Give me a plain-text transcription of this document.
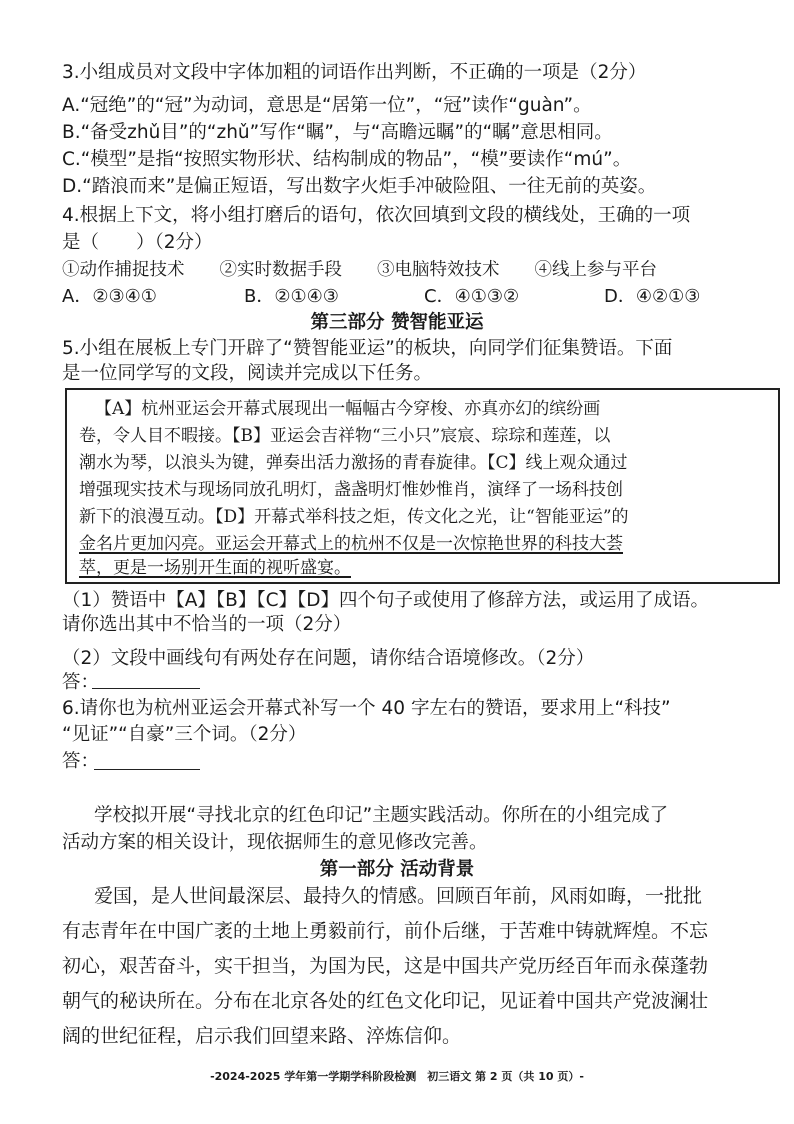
3.小组成员对文段中字体加粗的词语作出判断，不正确的一项是（2分）
A.“冠绝”的“冠”为动词，意思是“居第一位”，“冠”读作“guàn”。
B.“备受zhǔ目”的“zhǔ”写作“瞩”，与“高瞻远瞩”的“瞩”意思相同。
C.“模型”是指“按照实物形状、结构制成的物品”，“模”要读作“mú”。
D.“踏浪而来”是偏正短语，写出数字火炬手冲破险阻、一往无前的英姿。
4.根据上下文，将小组打磨后的语句，依次回填到文段的横线处，王确的一项
是（　　）（2分）
①动作捕捉技术　　②实时数据手段　　③电脑特效技术　　④线上参与平台
A．②③④①	B．②①④③	C．④①③②	D．④②①③
第三部分 赞智能亚运
5.小组在展板上专门开辟了“赞智能亚运”的板块，向同学们征集赞语。下面
是一位同学写的文段，阅读并完成以下任务。
【A】杭州亚运会开幕式展现出一幅幅古今穿梭、亦真亦幻的缤纷画
卷，令人目不暇接。【B】亚运会吉祥物“三小只”宸宸、琮琮和莲莲，以
潮水为琴，以浪头为键，弹奏出活力激扬的青春旋律。【C】线上观众通过
增强现实技术与现场同放孔明灯，盏盏明灯惟妙惟肖，演绎了一场科技创
新下的浪漫互动。【D】开幕式举科技之炬，传文化之光，让“智能亚运”的
金名片更加闪亮。亚运会开幕式上的杭州不仅是一次惊艳世界的科技大荟
萃，更是一场别开生面的视听盛宴。
（1）赞语中【A】【B】【C】【D】四个句子或使用了修辞方法，或运用了成语。
请你选出其中不恰当的一项（2分）
（2）文段中画线句有两处存在问题，请你结合语境修改。（2分）
答：
6.请你也为杭州亚运会开幕式补写一个 40 字左右的赞语，要求用上“科技”
“见证”“自豪”三个词。（2分）
答：
学校拟开展“寻找北京的红色印记”主题实践活动。你所在的小组完成了
活动方案的相关设计，现依据师生的意见修改完善。
第一部分 活动背景
爱国，是人世间最深层、最持久的情感。回顾百年前，风雨如晦，一批批
有志青年在中国广袤的土地上勇毅前行，前仆后继，于苦难中铸就辉煌。不忘
初心，艰苦奋斗，实干担当，为国为民，这是中国共产党历经百年而永葆蓬勃
朝气的秘诀所在。分布在北京各处的红色文化印记，见证着中国共产党波澜壮
阔的世纪征程，启示我们回望来路、淬炼信仰。
-2024-2025 学年第一学期学科阶段检测　初三语文 第 2 页（共 10 页）-
